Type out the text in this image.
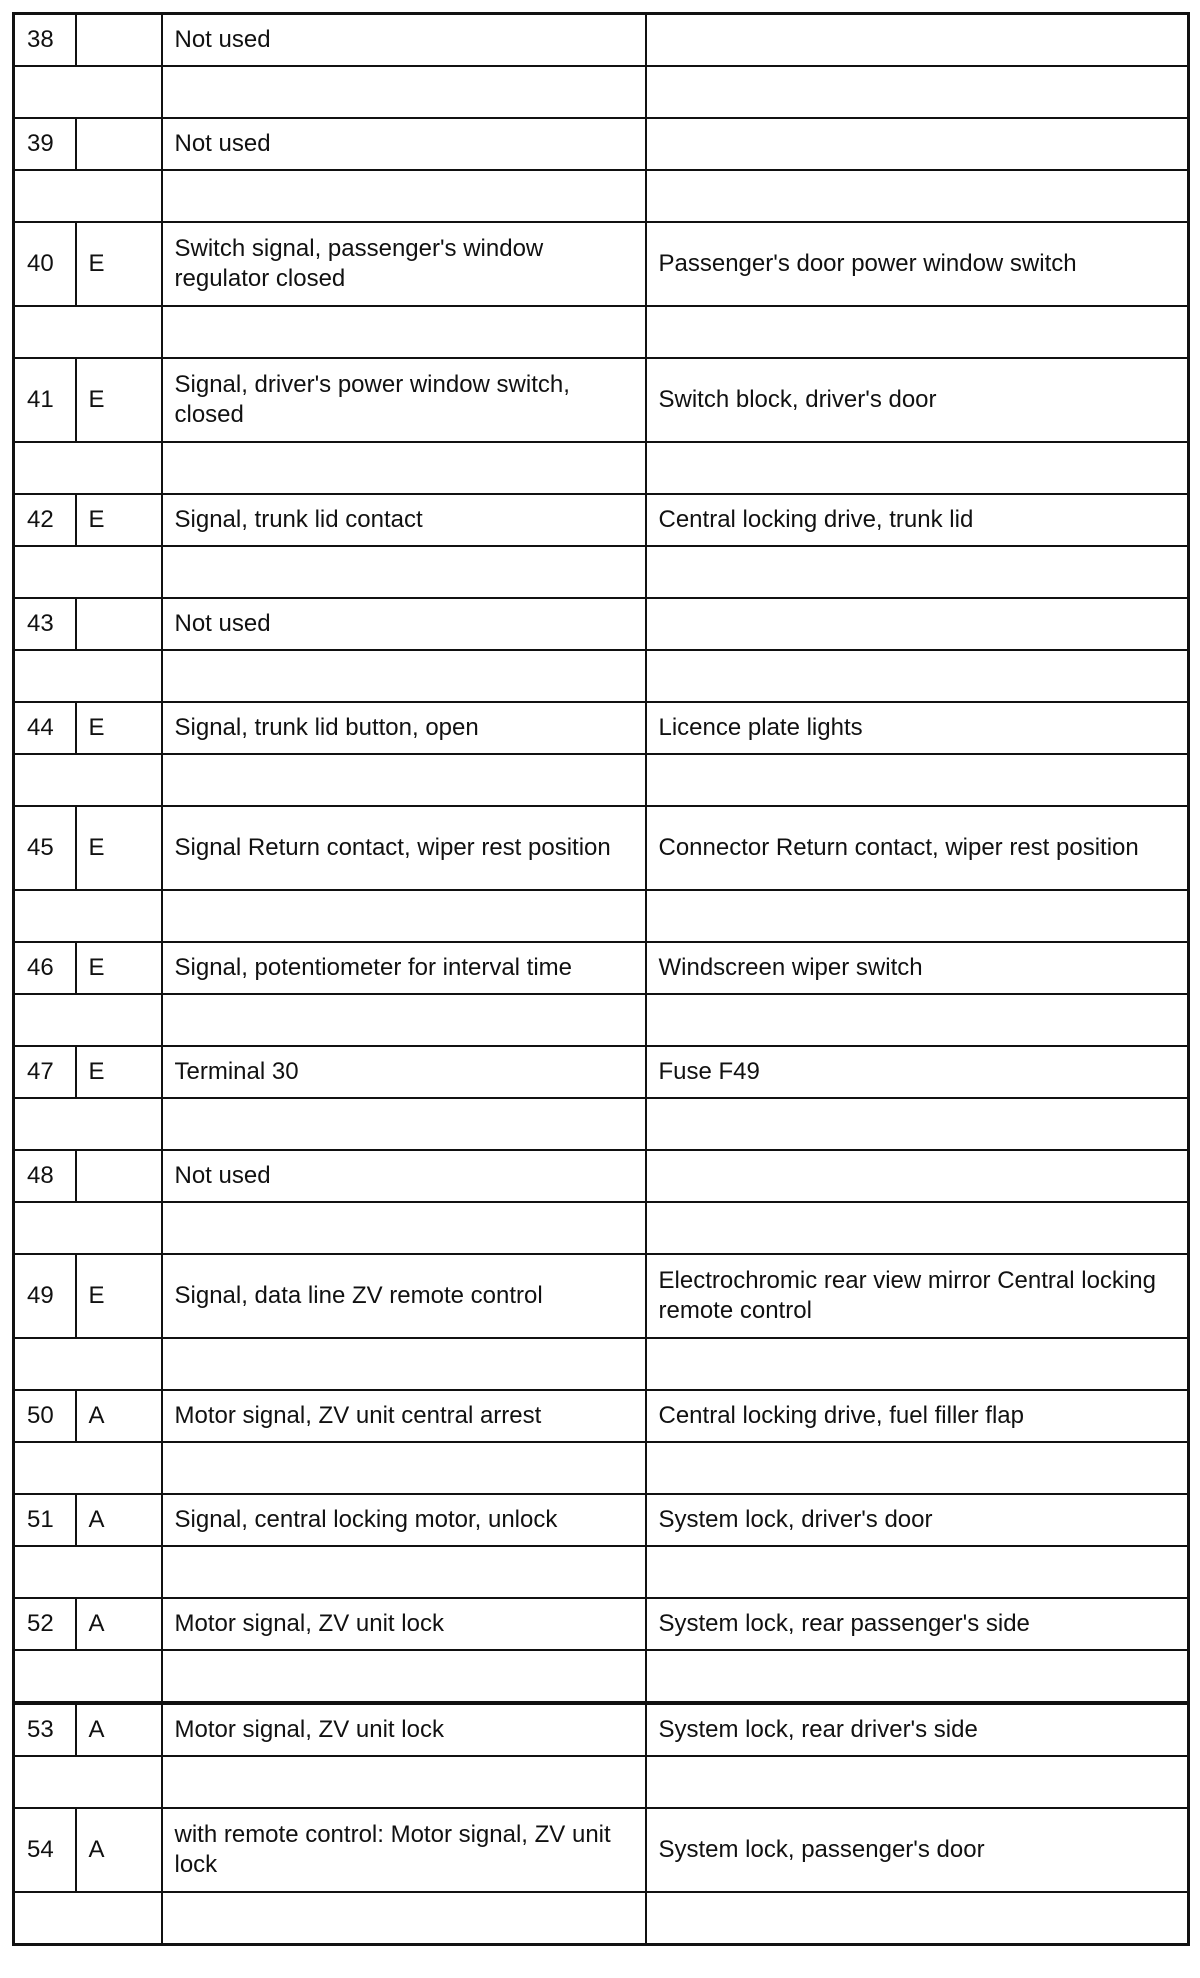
38		Not used	

39		Not used	

40	E	Switch signal, passenger's window regulator closed	Passenger's door power window switch

41	E	Signal, driver's power window switch, closed	Switch block, driver's door

42	E	Signal, trunk lid contact	Central locking drive, trunk lid

43		Not used	

44	E	Signal, trunk lid button, open	Licence plate lights

45	E	Signal Return contact, wiper rest position	Connector Return contact, wiper rest position

46	E	Signal, potentiometer for interval time	Windscreen wiper switch

47	E	Terminal 30	Fuse F49

48		Not used	

49	E	Signal, data line ZV remote control	Electrochromic rear view mirror Central locking remote control

50	A	Motor signal, ZV unit central arrest	Central locking drive, fuel filler flap

51	A	Signal, central locking motor, unlock	System lock, driver's door

52	A	Motor signal, ZV unit lock	System lock, rear passenger's side

53	A	Motor signal, ZV unit lock	System lock, rear driver's side

54	A	with remote control: Motor signal, ZV unit lock	System lock, passenger's door
